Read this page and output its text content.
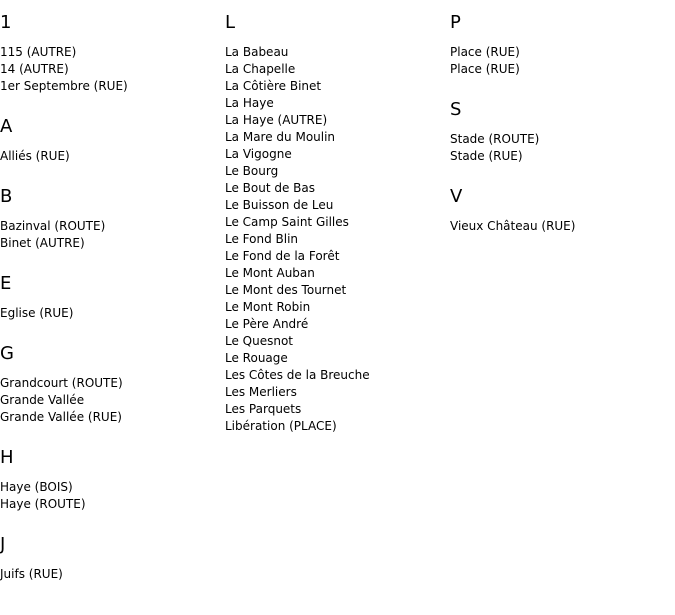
1
115 (AUTRE)
14 (AUTRE)
1er Septembre (RUE)
A
Alliés (RUE)
B
Bazinval (ROUTE)
Binet (AUTRE)
E
Eglise (RUE)
G
Grandcourt (ROUTE)
Grande Vallée
Grande Vallée (RUE)
H
Haye (BOIS)
Haye (ROUTE)
J
Juifs (RUE)
L
La Babeau
La Chapelle
La Côtière Binet
La Haye
La Haye (AUTRE)
La Mare du Moulin
La Vigogne
Le Bourg
Le Bout de Bas
Le Buisson de Leu
Le Camp Saint Gilles
Le Fond Blin
Le Fond de la Forêt
Le Mont Auban
Le Mont des Tournet
Le Mont Robin
Le Père André
Le Quesnot
Le Rouage
Les Côtes de la Breuche
Les Merliers
Les Parquets
Libération (PLACE)
P
Place (RUE)
Place (RUE)
S
Stade (ROUTE)
Stade (RUE)
V
Vieux Château (RUE)
